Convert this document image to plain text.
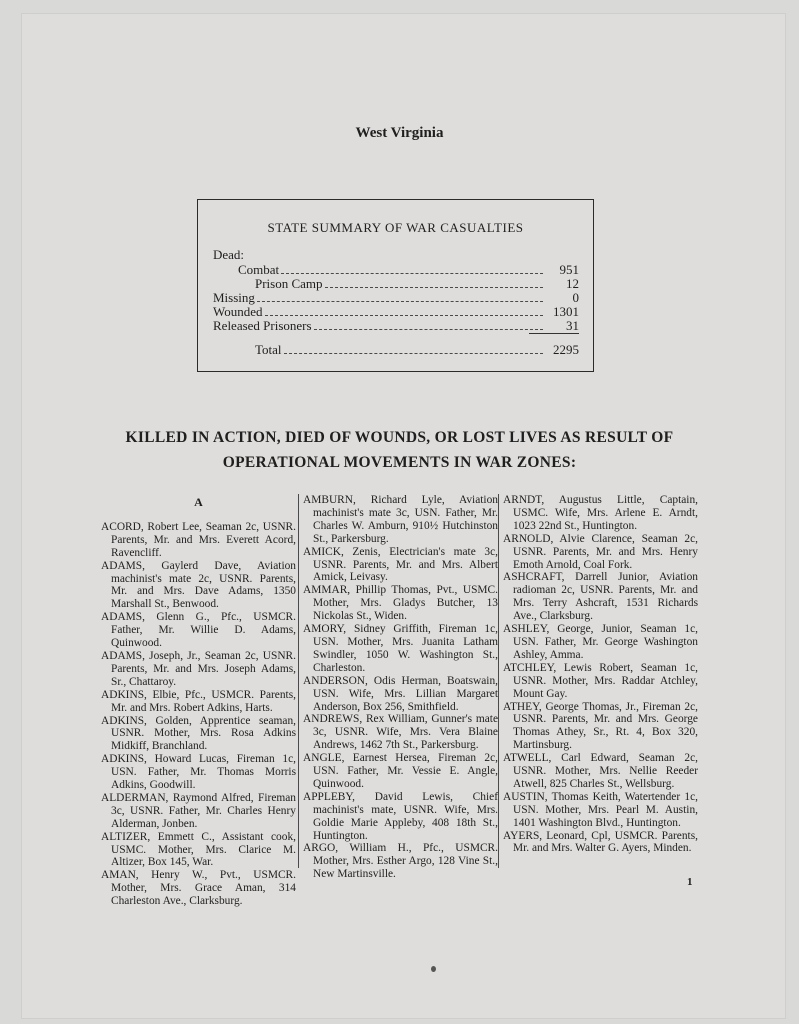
West Virginia
STATE SUMMARY OF WAR CASUALTIES
Dead:
Combat	951
Prison Camp	12
Missing	0
Wounded	1301
Released Prisoners	31
Total	2295
KILLED IN ACTION, DIED OF WOUNDS, OR LOST LIVES AS RESULT OF
OPERATIONAL MOVEMENTS IN WAR ZONES:
A

ACORD, Robert Lee, Seaman 2c, USNR. Parents, Mr. and Mrs. Everett Acord, Ravencliff.

ADAMS, Gaylerd Dave, Aviation machinist's mate 2c, USNR. Parents, Mr. and Mrs. Dave Adams, 1350 Marshall St., Benwood.

ADAMS, Glenn G., Pfc., USMCR. Father, Mr. Willie D. Adams, Quinwood.

ADAMS, Joseph, Jr., Seaman 2c, USNR. Parents, Mr. and Mrs. Joseph Adams, Sr., Chattaroy.

ADKINS, Elbie, Pfc., USMCR. Parents, Mr. and Mrs. Robert Adkins, Harts.

ADKINS, Golden, Apprentice seaman, USNR. Mother, Mrs. Rosa Adkins Midkiff, Branchland.

ADKINS, Howard Lucas, Fireman 1c, USN. Father, Mr. Thomas Morris Adkins, Goodwill.

ALDERMAN, Raymond Alfred, Fireman 3c, USNR. Father, Mr. Charles Henry Alderman, Jonben.

ALTIZER, Emmett C., Assistant cook, USMC. Mother, Mrs. Clarice M. Altizer, Box 145, War.

AMAN, Henry W., Pvt., USMCR. Mother, Mrs. Grace Aman, 314 Charleston Ave., Clarksburg.

AMBURN, Richard Lyle, Aviation machinist's mate 3c, USN. Father, Mr. Charles W. Amburn, 910½ Hutchinston St., Parkersburg.

AMICK, Zenis, Electrician's mate 3c, USNR. Parents, Mr. and Mrs. Albert Amick, Leivasy.

AMMAR, Phillip Thomas, Pvt., USMC. Mother, Mrs. Gladys Butcher, 13 Nickolas St., Widen.

AMORY, Sidney Griffith, Fireman 1c, USN. Mother, Mrs. Juanita Latham Swindler, 1050 W. Washington St., Charleston.

ANDERSON, Odis Herman, Boatswain, USN. Wife, Mrs. Lillian Margaret Anderson, Box 256, Smithfield.

ANDREWS, Rex William, Gunner's mate 3c, USNR. Wife, Mrs. Vera Blaine Andrews, 1462 7th St., Parkersburg.

ANGLE, Earnest Hersea, Fireman 2c, USN. Father, Mr. Vessie E. Angle, Quinwood.

APPLEBY, David Lewis, Chief machinist's mate, USNR. Wife, Mrs. Goldie Marie Appleby, 408 18th St., Huntington.

ARGO, William H., Pfc., USMCR. Mother, Mrs. Esther Argo, 128 Vine St., New Martinsville.

ARNDT, Augustus Little, Captain, USMC. Wife, Mrs. Arlene E. Arndt, 1023 22nd St., Huntington.

ARNOLD, Alvie Clarence, Seaman 2c, USNR. Parents, Mr. and Mrs. Henry Emoth Arnold, Coal Fork.

ASHCRAFT, Darrell Junior, Aviation radioman 2c, USNR. Parents, Mr. and Mrs. Terry Ashcraft, 1531 Richards Ave., Clarksburg.

ASHLEY, George, Junior, Seaman 1c, USN. Father, Mr. George Washington Ashley, Amma.

ATCHLEY, Lewis Robert, Seaman 1c, USNR. Mother, Mrs. Raddar Atchley, Mount Gay.

ATHEY, George Thomas, Jr., Fireman 2c, USNR. Parents, Mr. and Mrs. George Thomas Athey, Sr., Rt. 4, Box 320, Martinsburg.

ATWELL, Carl Edward, Seaman 2c, USNR. Mother, Mrs. Nellie Reeder Atwell, 825 Charles St., Wellsburg.

AUSTIN, Thomas Keith, Watertender 1c, USN. Mother, Mrs. Pearl M. Austin, 1401 Washington Blvd., Huntington.

AYERS, Leonard, Cpl, USMCR. Parents, Mr. and Mrs. Walter G. Ayers, Minden.

1
